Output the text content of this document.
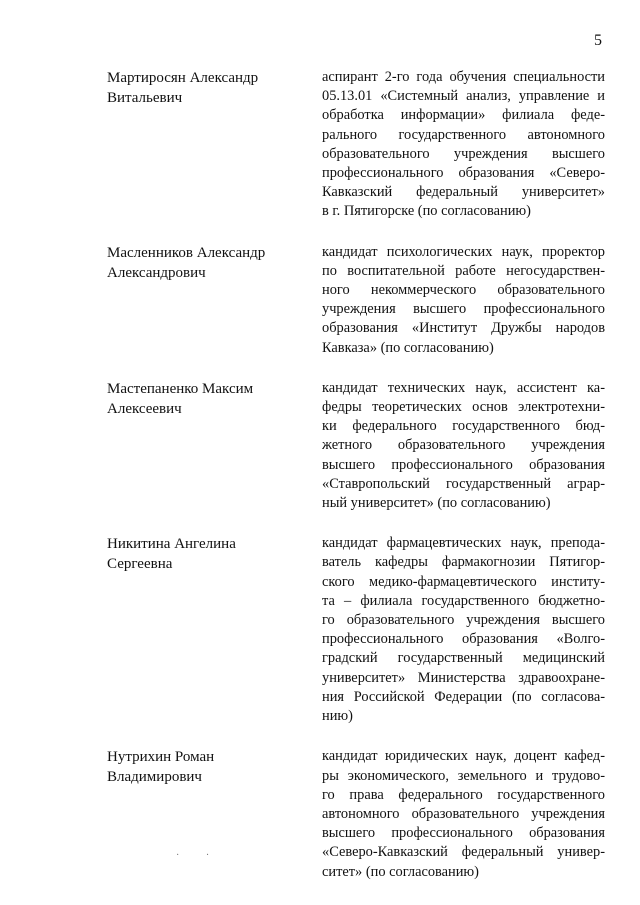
5
Мартиросян Александр
Витальевич
аспирант 2-го года обучения специальности
05.13.01 «Системный анализ, управление и
обработка информации» филиала феде-
рального государственного автономного
образовательного учреждения высшего
профессионального образования «Северо-
Кавказский федеральный университет»
в г. Пятигорске (по согласованию)
Масленников Александр
Александрович
кандидат психологических наук, проректор
по воспитательной работе негосударствен-
ного некоммерческого образовательного
учреждения высшего профессионального
образования «Институт Дружбы народов
Кавказа» (по согласованию)
Мастепаненко Максим
Алексеевич
кандидат технических наук, ассистент ка-
федры теоретических основ электротехни-
ки федерального государственного бюд-
жетного образовательного учреждения
высшего профессионального образования
«Ставропольский государственный аграр-
ный университет» (по согласованию)
Никитина Ангелина
Сергеевна
кандидат фармацевтических наук, препода-
ватель кафедры фармакогнозии Пятигор-
ского медико-фармацевтического институ-
та – филиала государственного бюджетно-
го образовательного учреждения высшего
профессионального образования «Волго-
градский государственный медицинский
университет» Министерства здравоохране-
ния Российской Федерации (по согласова-
нию)
Нутрихин Роман
Владимирович
кандидат юридических наук, доцент кафед-
ры экономического, земельного и трудово-
го права федерального государственного
автономного образовательного учреждения
высшего профессионального образования
«Северо-Кавказский федеральный универ-
ситет» (по согласованию)
· ·
